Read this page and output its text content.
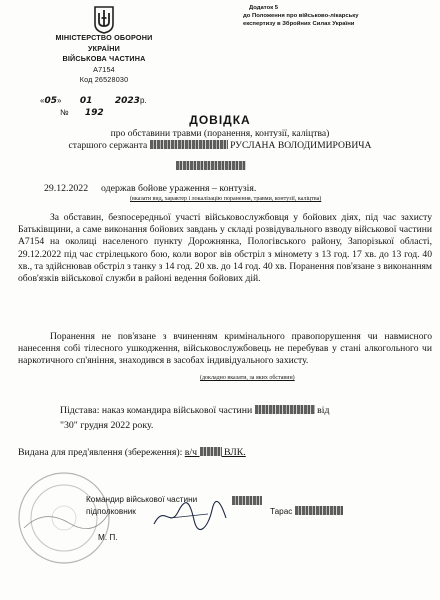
МІНІСТЕРСТВО ОБОРОНИ
УКРАЇНИ
ВІЙСЬКОВА ЧАСТИНА
А7154
Код 26528030
«05»  01 2023р.
№ 192
Додаток 5
до Положення про військово-лікарську
експертизу в Збройних Силах України
ДОВІДКА
про обставини травми (поранення, контузії, каліцтва)
старшого сержанта	РУСЛАНА ВОЛОДИМИРОВИЧА
29.12.2022 одержав бойове ураження – контузія.
(вказати вид, характер і локалізацію поранення, травми, контузії, каліцтва)
За обставин, безпосередньої участі військовослужбовця у бойових діях, під час захисту Батьківщини, а саме виконання бойових завдань у складі розвідувального взводу військової частини А7154 на околиці населеного пункту Дорожнянка, Пологівського району, Запорізької області, 29.12.2022 під час стрілецького бою, коли ворог вів обстріл з міномету з 13 год. 17 хв. до 13 год. 40 хв., та здійснював обстріл з танку з 14 год. 20 хв. до 14 год. 40 хв. Поранення пов'язане з виконанням обов'язків військової служби в районі ведення бойових дій.
Поранення не пов'язане з вчиненням кримінального правопорушення чи навмисного нанесення собі тілесного ушкодження, військовослужбовець не перебував у стані алкогольного чи наркотичного сп'яніння, знаходився в засобах індивідуального захисту.
(докладно вказати, за яких обставин)
Підстава: наказ командира військової частини	від
"30" грудня 2022 року.
Видана для пред'явлення (збереження): в/ч	ВЛК.
Командир військової частини
підполковник	Тарас
М. П.
